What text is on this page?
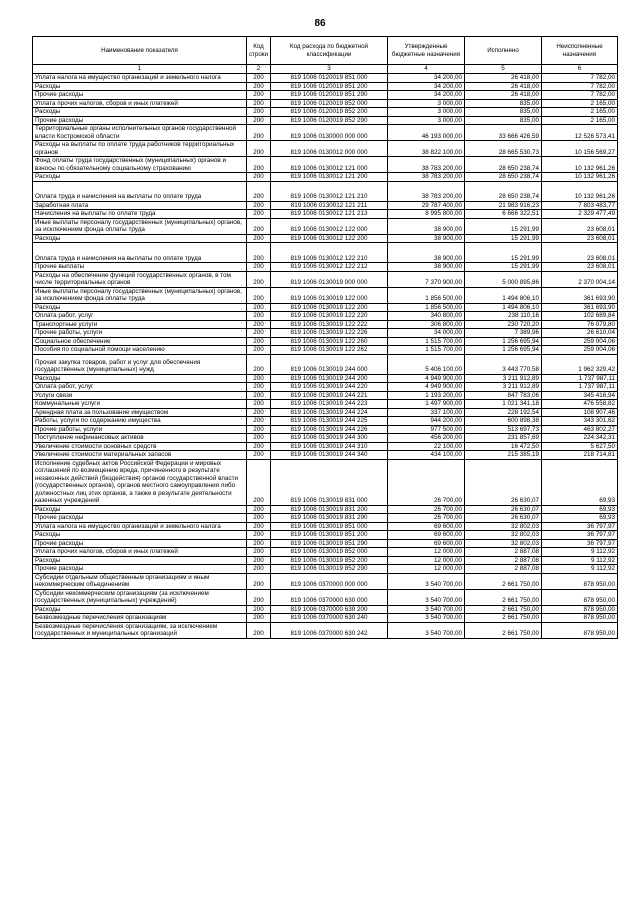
86
Наименование показателя	Код строки	Код расхода по бюджетной классификации	Утвержденные бюджетные назначения	Исполнено	Неисполненные назначения
1	2	3	4	5	6
Уплата налога на имущество организаций и земельного налога	200	819 1006 0120019 851 000	34 200,00	26 418,00	7 782,00
Расходы	200	819 1006 0120019 851 200	34 200,00	26 418,00	7 782,00
Прочие расходы	200	819 1006 0120019 851 290	34 200,00	26 418,00	7 782,00
Уплата прочих налогов, сборов и иных платежей	200	819 1006 0120019 852 000	3 000,00	835,00	2 165,00
Расходы	200	819 1006 0120019 852 200	3 000,00	835,00	2 165,00
Прочие расходы	200	819 1006 0120019 852 290	3 000,00	835,00	2 165,00
Территориальные органы исполнительных органов государственной власти Костромской области	200	819 1006 0130000 000 000	46 193 000,00	33 666 426,59	12 526 573,41
Расходы на выплаты по оплате труда работников территориальных органов	200	819 1006 0130012 000 000	38 822 100,00	28 665 530,73	10 156 569,27
Фонд оплаты труда государственных (муниципальных) органов и взносы по обязательному социальному страхованию	200	819 1006 0130012 121 000	38 783 200,00	28 650 238,74	10 132 961,26
Расходы	200	819 1006 0130012 121 200	38 783 200,00	28 650 238,74	10 132 961,26
Оплата труда и начисления на выплаты по оплате труда	200	819 1006 0130012 121 210	38 783 200,00	28 650 238,74	10 132 961,26
Заработная плата	200	819 1006 0130012 121 211	29 787 400,00	21 983 916,23	7 803 483,77
Начисления на выплаты по оплате труда	200	819 1006 0130012 121 213	8 995 800,00	6 666 322,51	2 329 477,49
Иные выплаты персоналу государственных (муниципальных) органов, за исключением фонда оплаты труда	200	819 1006 0130012 122 000	38 900,00	15 291,99	23 608,01
Расходы	200	819 1006 0130012 122 200	38 900,00	15 291,99	23 608,01
Оплата труда и начисления на выплаты по оплате труда	200	819 1006 0130012 122 210	38 900,00	15 291,99	23 608,01
Прочие выплаты	200	819 1006 0130012 122 212	38 900,00	15 291,99	23 608,01
Расходы на обеспечение функций государственных органов, в том числе территориальных органов	200	819 1006 0130019 000 000	7 370 900,00	5 000 895,86	2 370 004,14
Иные выплаты персоналу государственных (муниципальных) органов, за исключением фонда оплаты труда	200	819 1006 0130019 122 000	1 856 500,00	1 494 806,10	361 693,90
Расходы	200	819 1006 0130019 122 200	1 856 500,00	1 494 806,10	361 693,90
Оплата работ, услуг	200	819 1006 0130019 122 220	340 800,00	238 110,16	102 689,84
Транспортные услуги	200	819 1006 0130019 122 222	306 800,00	230 720,20	76 079,80
Прочие работы, услуги	200	819 1006 0130019 122 226	34 000,00	7 389,96	26 610,04
Социальное обеспечение	200	819 1006 0130019 122 260	1 515 700,00	1 256 695,94	259 004,06
Пособия по социальной помощи населению	200	819 1006 0130019 122 262	1 515 700,00	1 256 695,94	259 004,06
Прочая закупка товаров, работ и услуг для обеспечения государственных (муниципальных) нужд	200	819 1006 0130019 244 000	5 406 100,00	3 443 770,58	1 962 329,42
Расходы	200	819 1006 0130019 244 200	4 949 900,00	3 211 912,89	1 737 987,11
Оплата работ, услуг	200	819 1006 0130019 244 220	4 949 900,00	3 211 912,89	1 737 987,11
Услуги связи	200	819 1006 0130019 244 221	1 193 200,00	847 783,06	345 416,94
Коммунальные услуги	200	819 1006 0130019 244 223	1 497 900,00	1 021 341,18	476 558,82
Арендная плата за пользование имуществом	200	819 1006 0130019 244 224	337 100,00	228 192,54	108 907,46
Работы, услуги по содержанию имущества	200	819 1006 0130019 244 225	944 200,00	600 898,38	343 301,62
Прочие работы, услуги	200	819 1006 0130019 244 226	977 500,00	513 697,73	463 802,27
Поступление нефинансовых активов	200	819 1006 0130019 244 300	456 200,00	231 857,69	224 342,31
Увеличение стоимости основных средств	200	819 1006 0130019 244 310	22 100,00	16 472,50	5 627,50
Увеличение стоимости материальных запасов	200	819 1006 0130019 244 340	434 100,00	215 385,19	218 714,81
Исполнение судебных актов Российской Федерации и мировых соглашений по возмещению вреда, причиненного в результате незаконных действий (бездействия) органов государственной власти (государственных органов), органов местного самоуправления либо должностных лиц этих органов, а также в результате деятельности казенных учреждений	200	819 1006 0130019 831 000	26 700,00	26 630,07	69,93
Расходы	200	819 1006 0130019 831 200	26 700,00	26 630,07	69,93
Прочие расходы	200	819 1006 0130019 831 290	26 700,00	26 630,07	69,93
Уплата налога на имущество организаций и земельного налога	200	819 1006 0130019 851 000	69 600,00	32 802,03	36 797,97
Расходы	200	819 1006 0130019 851 200	69 600,00	32 802,03	36 797,97
Прочие расходы	200	819 1006 0130019 851 290	69 600,00	32 802,03	36 797,97
Уплата прочих налогов, сборов и иных платежей	200	819 1006 0130019 852 000	12 000,00	2 887,08	9 112,92
Расходы	200	819 1006 0130019 852 200	12 000,00	2 887,08	9 112,92
Прочие расходы	200	819 1006 0130019 852 290	12 000,00	2 887,08	9 112,92
Субсидии отдельным общественным организациям и иным некоммерческим объединениям	200	819 1006 0370000 000 000	3 540 700,00	2 661 750,00	878 950,00
Субсидии некоммерческим организациям (за исключением государственных (муниципальных) учреждений)	200	819 1006 0370000 630 000	3 540 700,00	2 661 750,00	878 950,00
Расходы	200	819 1006 0370000 630 200	3 540 700,00	2 661 750,00	878 950,00
Безвозмездные перечисления организациям	200	819 1006 0370000 630 240	3 540 700,00	2 661 750,00	878 950,00
Безвозмездные перечисления организациям, за исключением государственных и муниципальных организаций	200	819 1006 0370000 630 242	3 540 700,00	2 661 750,00	878 950,00
